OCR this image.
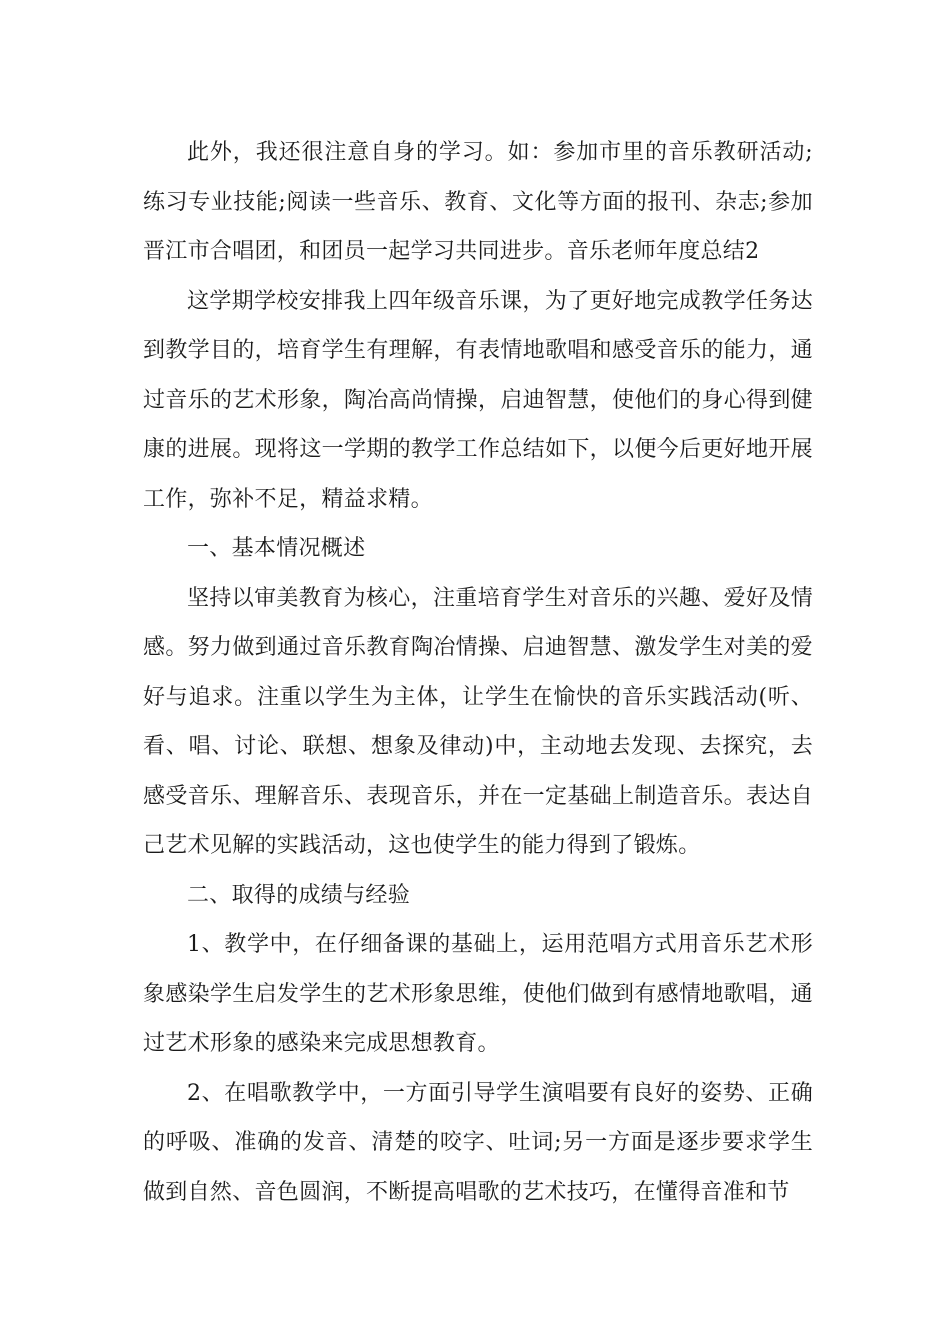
此外，我还很注意自身的学习。如：参加市里的音乐教研活动;练习专业技能;阅读一些音乐、教育、文化等方面的报刊、杂志;参加晋江市合唱团，和团员一起学习共同进步。音乐老师年度总结2

这学期学校安排我上四年级音乐课，为了更好地完成教学任务达到教学目的，培育学生有理解，有表情地歌唱和感受音乐的能力，通过音乐的艺术形象，陶冶高尚情操，启迪智慧，使他们的身心得到健康的进展。现将这一学期的教学工作总结如下，以便今后更好地开展工作，弥补不足，精益求精。

一、基本情况概述

坚持以审美教育为核心，注重培育学生对音乐的兴趣、爱好及情感。努力做到通过音乐教育陶冶情操、启迪智慧、激发学生对美的爱好与追求。注重以学生为主体，让学生在愉快的音乐实践活动(听、看、唱、讨论、联想、想象及律动)中，主动地去发现、去探究，去感受音乐、理解音乐、表现音乐，并在一定基础上制造音乐。表达自己艺术见解的实践活动，这也使学生的能力得到了锻炼。

二、取得的成绩与经验

1、教学中，在仔细备课的基础上，运用范唱方式用音乐艺术形象感染学生启发学生的艺术形象思维，使他们做到有感情地歌唱，通过艺术形象的感染来完成思想教育。

2、在唱歌教学中，一方面引导学生演唱要有良好的姿势、正确的呼吸、准确的发音、清楚的咬字、吐词;另一方面是逐步要求学生做到自然、音色圆润，不断提高唱歌的艺术技巧，在懂得音准和节
